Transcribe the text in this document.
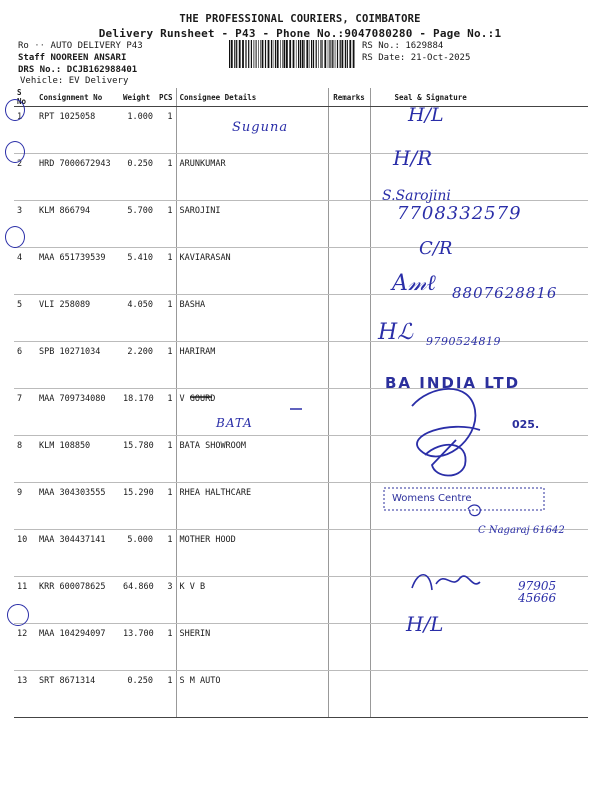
THE PROFESSIONAL COURIERS, COIMBATORE
Delivery Runsheet - P43 - Phone No.:9047080280 - Page No.:1
Ro ·· AUTO DELIVERY P43
Staff NOOREEN ANSARI
DRS No.: DCJB162988401
Vehicle: EV Delivery
RS No.: 1629884
RS Date: 21-Oct-2025
S No	Consignment No	Weight	PCS	Consignee Details	Remarks	Seal & Signature
1	RPT 1025058	1.000	1			
2	HRD 7000672943	0.250	1	ARUNKUMAR		
3	KLM 866794	5.700	1	SAROJINI		
4	MAA 651739539	5.410	1	KAVIARASAN		
5	VLI 258089	4.050	1	BASHA		
6	SPB 10271034	2.200	1	HARIRAM		
7	MAA 709734080	18.170	1	V GOURD		
8	KLM 108850	15.780	1	BATA SHOWROOM		
9	MAA 304303555	15.290	1	RHEA HALTHCARE		
10	MAA 304437141	5.000	1	MOTHER HOOD		
11	KRR 600078625	64.860	3	K V B		
12	MAA 104294097	13.700	1	SHERIN		
13	SRT 8671314	0.250	1	S M AUTO		
Suguna
H/L
H/R
S.Sarojini
7708332579
C/R
A𝓂ℓ 8807628816
Hℒ 9790524819
BATA
C Nagaraj 61642
97905 45666
H/L
BA INDIA LTD
025.
Womens Centre
